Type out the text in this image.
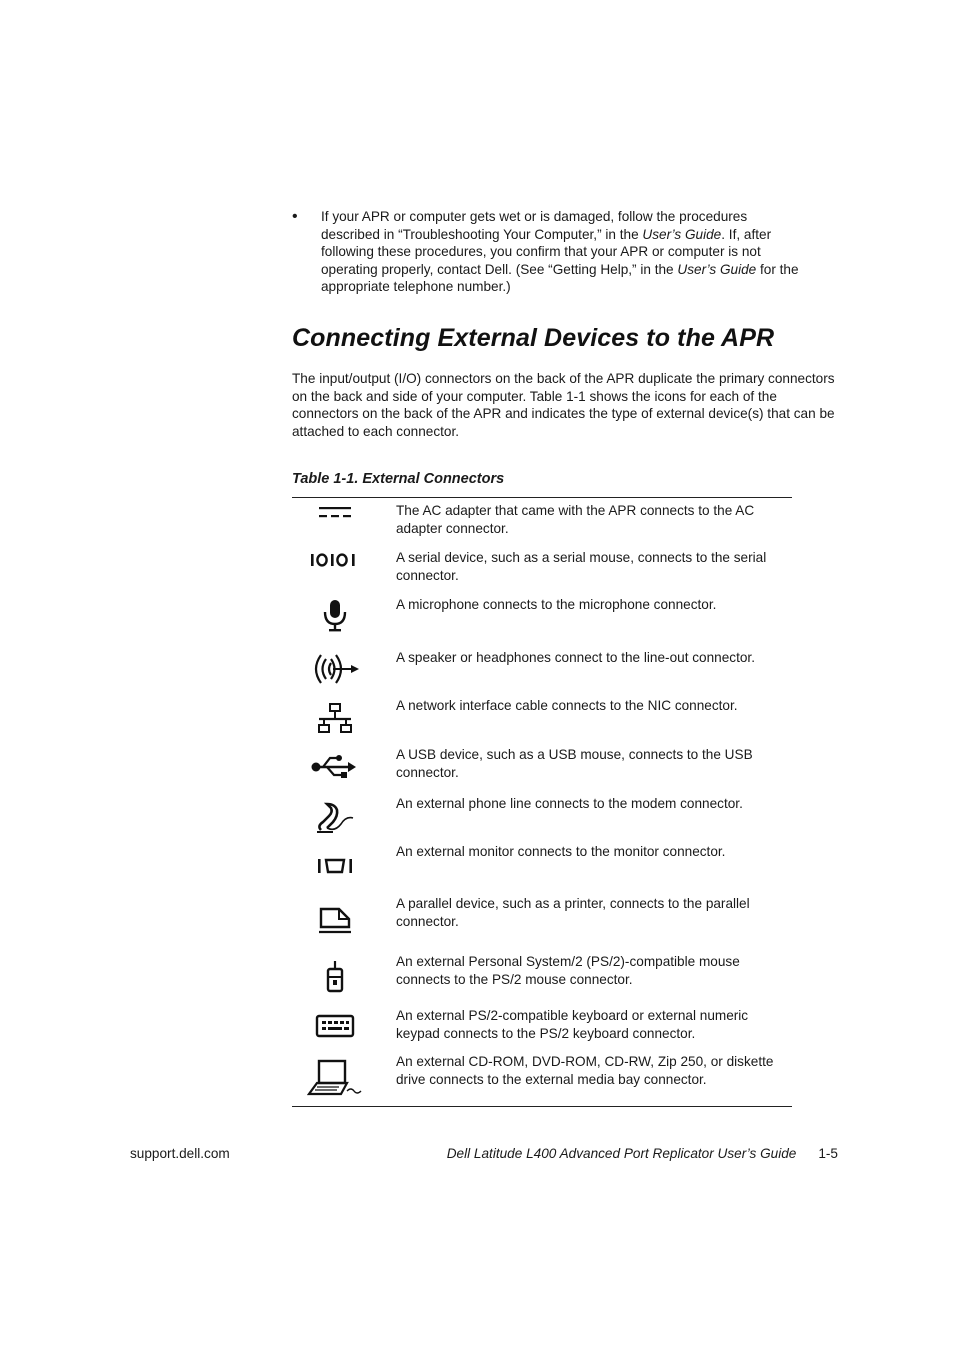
• If your APR or computer gets wet or is damaged, follow the procedures

described in “Troubleshooting Your Computer,” in the User’s Guide. If, after

following these procedures, you confirm that your APR or computer is not

operating properly, contact Dell. (See “Getting Help,” in the User’s Guide for the

appropriate telephone number.)

Connecting External Devices to the APR

The input/output (I/O) connectors on the back of the APR duplicate the primary connectors on the back and side of your computer. Table 1-1 shows the icons for each of the connectors on the back of the APR and indicates the type of external device(s) that can be attached to each connector.

Table 1-1. External Connectors

The AC adapter that came with the APR connects to the AC adapter connector.
A serial device, such as a serial mouse, connects to the serial connector.
A microphone connects to the microphone connector.
A speaker or headphones connect to the line-out connector.
A network interface cable connects to the NIC connector.
A USB device, such as a USB mouse, connects to the USB connector.
An external phone line connects to the modem connector.
An external monitor connects to the monitor connector.
A parallel device, such as a printer, connects to the parallel connector.
An external Personal System/2 (PS/2)-compatible mouse connects to the PS/2 mouse connector.
An external PS/2-compatible keyboard or external numeric keypad connects to the PS/2 keyboard connector.
An external CD-ROM, DVD-ROM, CD-RW, Zip 250, or diskette drive connects to the external media bay connector.
support.dell.com	Dell Latitude L400 Advanced Port Replicator User’s Guide 1-5
